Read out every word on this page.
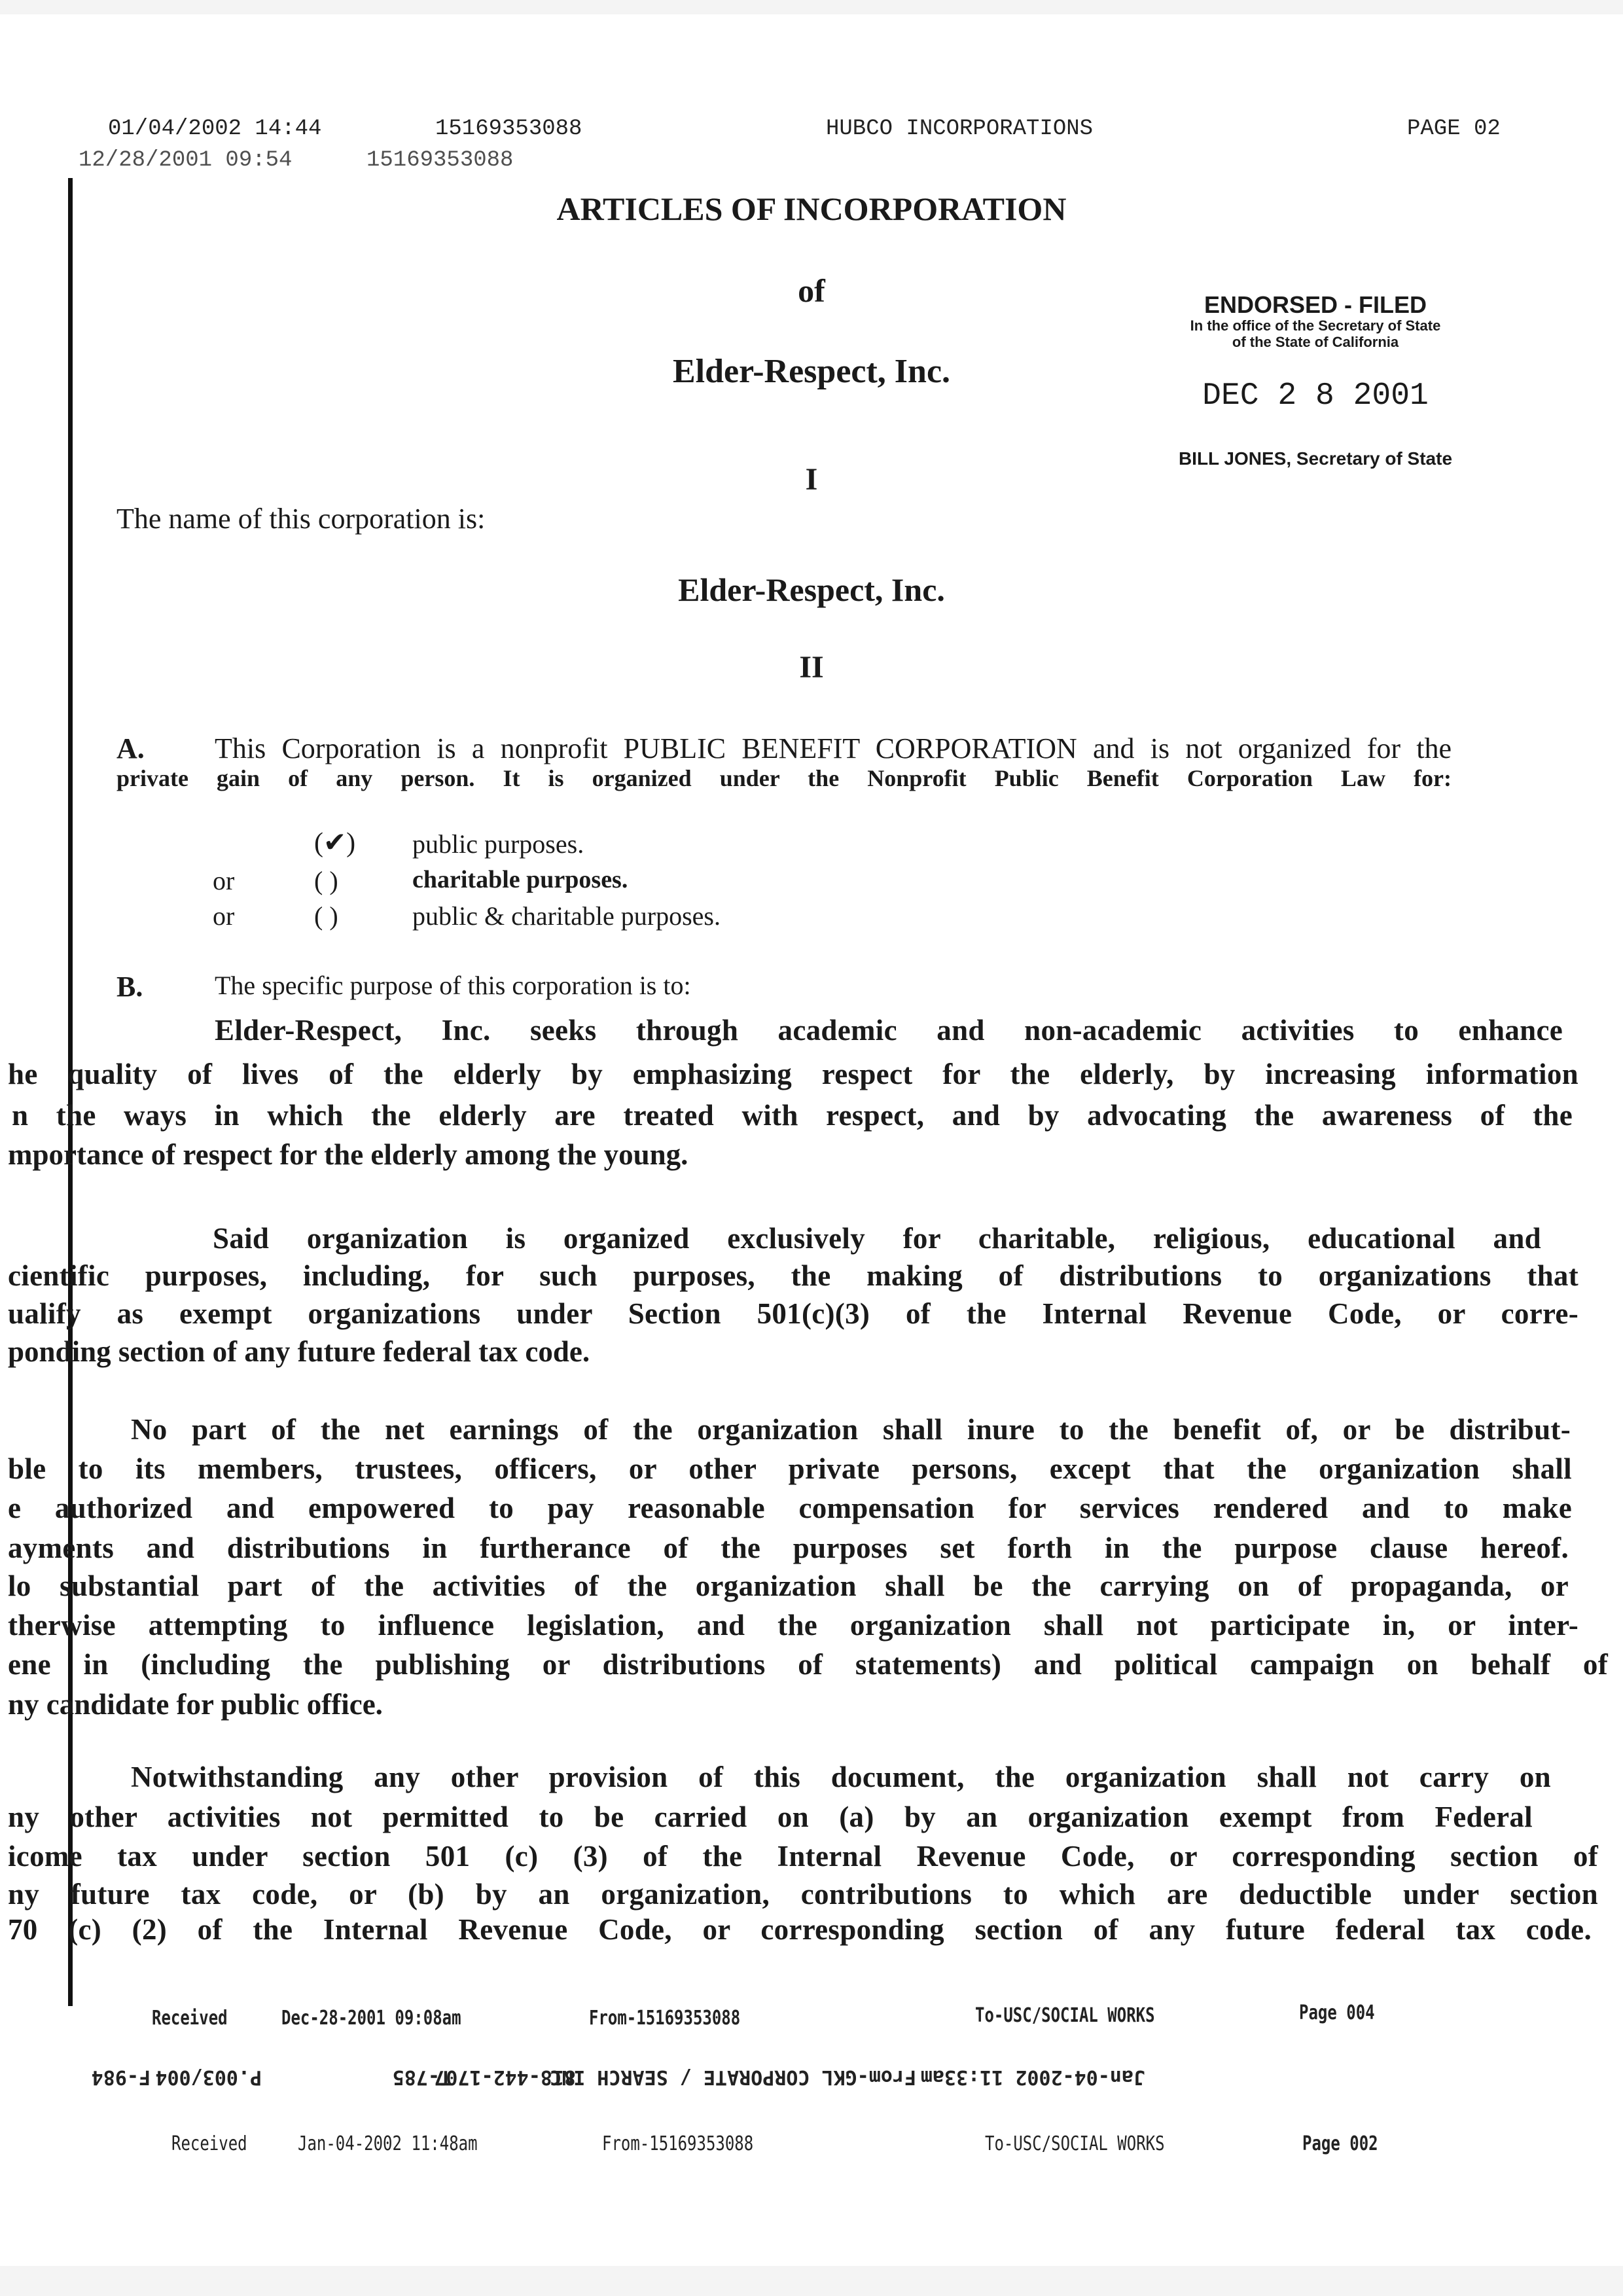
01/04/2002 14:44	15169353088	HUBCO INCORPORATIONS	PAGE 02
12/28/2001 09:54	15169353088
ARTICLES OF INCORPORATION
of
Elder-Respect, Inc.
ENDORSED - FILED
In the office of the Secretary of State
of the State of California
DEC 2 8 2001
BILL JONES, Secretary of State
I
The name of this corporation is:
Elder-Respect, Inc.
II
A. This Corporation is a nonprofit PUBLIC BENEFIT CORPORATION and is not organized for the
private gain of any person. It is organized under the Nonprofit Public Benefit Corporation Law for:
(✔) public purposes.
or	( )	charitable purposes.
or	( )	public & charitable purposes.
B.	The specific purpose of this corporation is to:
Elder-Respect, Inc. seeks through academic and non-academic activities to enhance
he quality of lives of the elderly by emphasizing respect for the elderly, by increasing information
n the ways in which the elderly are treated with respect, and by advocating the awareness of the
mportance of respect for the elderly among the young.
Said organization is organized exclusively for charitable, religious, educational and
cientific purposes, including, for such purposes, the making of distributions to organizations that
ualify as exempt organizations under Section 501(c)(3) of the Internal Revenue Code, or corre-
ponding section of any future federal tax code.
No part of the net earnings of the organization shall inure to the benefit of, or be distribut-
ble to its members, trustees, officers, or other private persons, except that the organization shall
e authorized and empowered to pay reasonable compensation for services rendered and to make
ayments and distributions in furtherance of the purposes set forth in the purpose clause hereof.
lo substantial part of the activities of the organization shall be the carrying on of propaganda, or
therwise attempting to influence legislation, and the organization shall not participate in, or inter-
ene in (including the publishing or distributions of statements) and political campaign on behalf of
ny candidate for public office.
Notwithstanding any other provision of this document, the organization shall not carry on
ny other activities not permitted to be carried on (a) by an organization exempt from Federal
icome tax under section 501 (c) (3) of the Internal Revenue Code, or corresponding section of
ny future tax code, or (b) by an organization, contributions to which are deductible under section
70 (c) (2) of the Internal Revenue Code, or corresponding section of any future federal tax code.
Received	Dec-28-2001 09:08am	From-15169353088	To-USC/SOCIAL WORKS	Page 004
Jan-04-2002 11:33am
From-GKL CORPORATE / SEARCH INC
818-442-1707
T-785
P.003/004
F-984
Received	Jan-04-2002 11:48am	From-15169353088	To-USC/SOCIAL WORKS	Page 002
